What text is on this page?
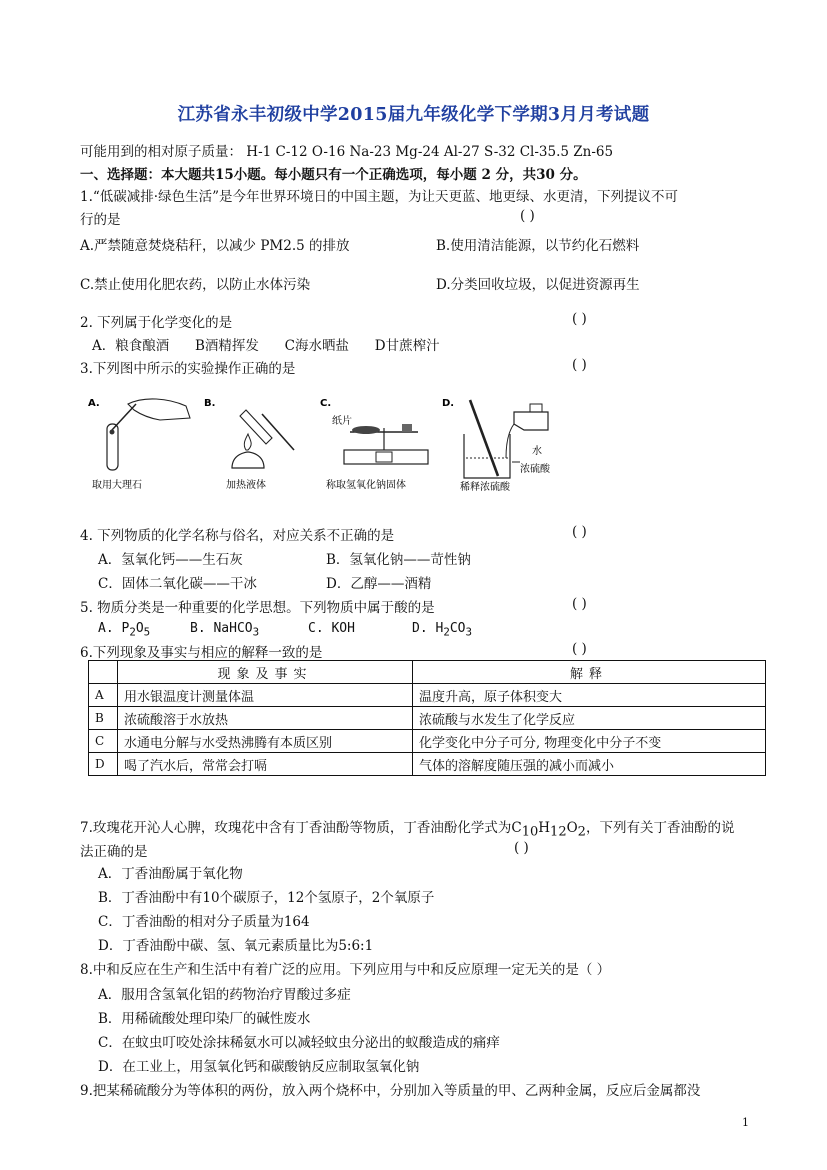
江苏省永丰初级中学2015届九年级化学下学期3月月考试题
可能用到的相对原子质量： H-1 C-12 O-16 Na-23 Mg-24 Al-27 S-32 Cl-35.5 Zn-65
一、选择题：本大题共15小题。每小题只有一个正确选项，每小题 2 分，共30 分。
1.“低碳减排·绿色生活”是今年世界环境日的中国主题，为让天更蓝、地更绿、水更清，下列提议不可
行的是	( )
A.严禁随意焚烧秸秆，以减少 PM2.5 的排放	B.使用清洁能源，以节约化石燃料
C.禁止使用化肥农药，以防止水体污染	D.分类回收垃圾，以促进资源再生
2. 下列属于化学变化的是	( )
A．粮食酿酒      B酒精挥发      C海水晒盐      D甘蔗榨汁
3.下列图中所示的实验操作正确的是	( )
A.
取用大理石
B.
加热液体
C.
纸片
称取氢氧化钠固体
D.
水
浓硫酸
稀释浓硫酸
4. 下列物质的化学名称与俗名，对应关系不正确的是	( )
A．氢氧化钙——生石灰	B．氢氧化钠——苛性钠
C．固体二氧化碳——干冰	D．乙醇——酒精
5. 物质分类是一种重要的化学思想。下列物质中属于酸的是	( )
A. $P_2O_5$	B. NaHCO$_3$	C. KOH	D. $H_2CO_3$
6.下列现象及事实与相应的解释一致的是	( )
	现象及事实	解释
A	用水银温度计测量体温	温度升高，原子体积变大
B	浓硫酸溶于水放热	浓硫酸与水发生了化学反应
C	水通电分解与水受热沸腾有本质区别	化学变化中分子可分, 物理变化中分子不变
D	喝了汽水后，常常会打嗝	气体的溶解度随压强的减小而减小
7.玫瑰花开沁人心脾，玫瑰花中含有丁香油酚等物质，丁香油酚化学式为$C_{10}H_{12}O_2$，下列有关丁香油酚的说
法正确的是	( )
A．丁香油酚属于氧化物
B．丁香油酚中有10个碳原子，12个氢原子，2个氧原子
C．丁香油酚的相对分子质量为164
D．丁香油酚中碳、氢、氧元素质量比为5:6:1
8.中和反应在生产和生活中有着广泛的应用。下列应用与中和反应原理一定无关的是（ ）
A．服用含氢氧化铝的药物治疗胃酸过多症
B．用稀硫酸处理印染厂的碱性废水
C．在蚊虫叮咬处涂抹稀氨水可以减轻蚊虫分泌出的蚁酸造成的痛痒
D．在工业上，用氢氧化钙和碳酸钠反应制取氢氧化钠
9.把某稀硫酸分为等体积的两份，放入两个烧杯中，分别加入等质量的甲、乙两种金属，反应后金属都没
1
